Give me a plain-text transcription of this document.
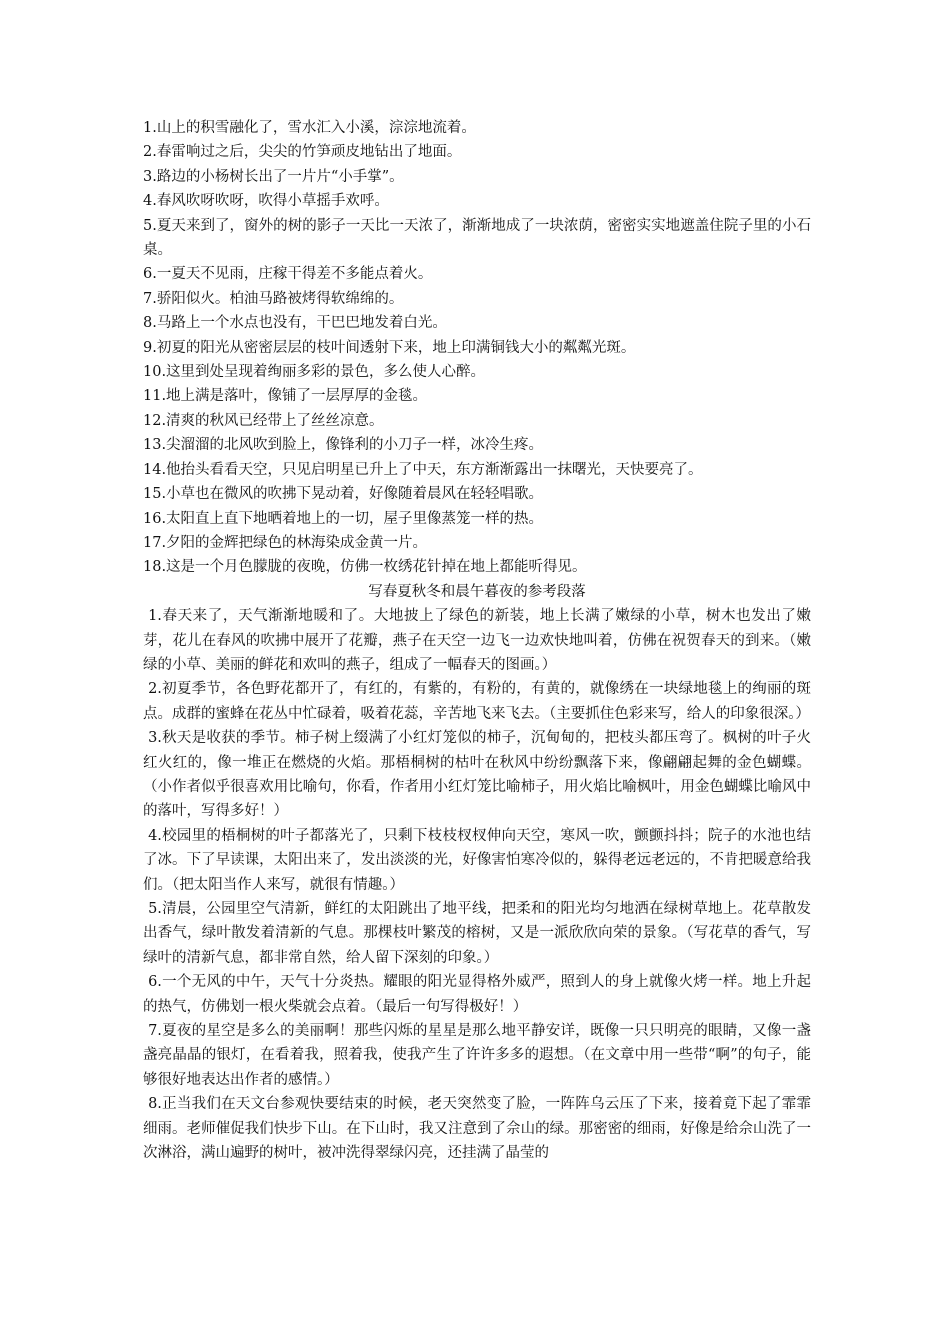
1.山上的积雪融化了，雪水汇入小溪，淙淙地流着。
2.春雷响过之后，尖尖的竹笋顽皮地钻出了地面。
3.路边的小杨树长出了一片片“小手掌”。
4.春风吹呀吹呀，吹得小草摇手欢呼。
5.夏天来到了，窗外的树的影子一天比一天浓了，渐渐地成了一块浓荫，密密实实地遮盖住院子里的小石桌。
6.一夏天不见雨，庄稼干得差不多能点着火。
7.骄阳似火。柏油马路被烤得软绵绵的。
8.马路上一个水点也没有，干巴巴地发着白光。
9.初夏的阳光从密密层层的枝叶间透射下来，地上印满铜钱大小的粼粼光斑。
10.这里到处呈现着绚丽多彩的景色，多么使人心醉。
11.地上满是落叶，像铺了一层厚厚的金毯。
12.清爽的秋风已经带上了丝丝凉意。
13.尖溜溜的北风吹到脸上，像锋利的小刀子一样，冰冷生疼。
14.他抬头看看天空，只见启明星已升上了中天，东方渐渐露出一抹曙光，天快要亮了。
15.小草也在微风的吹拂下晃动着，好像随着晨风在轻轻唱歌。
16.太阳直上直下地晒着地上的一切，屋子里像蒸笼一样的热。
17.夕阳的金辉把绿色的林海染成金黄一片。
18.这是一个月色朦胧的夜晚，仿佛一枚绣花针掉在地上都能听得见。
写春夏秋冬和晨午暮夜的参考段落

1.春天来了，天气渐渐地暖和了。大地披上了绿色的新装，地上长满了嫩绿的小草，树木也发出了嫩芽，花儿在春风的吹拂中展开了花瓣，燕子在天空一边飞一边欢快地叫着，仿佛在祝贺春天的到来。（嫩绿的小草、美丽的鲜花和欢叫的燕子，组成了一幅春天的图画。）

2.初夏季节，各色野花都开了，有红的，有紫的，有粉的，有黄的，就像绣在一块绿地毯上的绚丽的斑点。成群的蜜蜂在花丛中忙碌着，吸着花蕊，辛苦地飞来飞去。（主要抓住色彩来写，给人的印象很深。）

3.秋天是收获的季节。柿子树上缀满了小红灯笼似的柿子，沉甸甸的，把枝头都压弯了。枫树的叶子火红火红的，像一堆正在燃烧的火焰。那梧桐树的枯叶在秋风中纷纷飘落下来，像翩翩起舞的金色蝴蝶。（小作者似乎很喜欢用比喻句，你看，作者用小红灯笼比喻柿子，用火焰比喻枫叶，用金色蝴蝶比喻风中的落叶，写得多好！）

4.校园里的梧桐树的叶子都落光了，只剩下枝枝杈杈伸向天空，寒风一吹，颤颤抖抖；院子的水池也结了冰。下了早读课，太阳出来了，发出淡淡的光，好像害怕寒冷似的，躲得老远老远的，不肯把暖意给我们。（把太阳当作人来写，就很有情趣。）

5.清晨，公园里空气清新，鲜红的太阳跳出了地平线，把柔和的阳光均匀地洒在绿树草地上。花草散发出香气，绿叶散发着清新的气息。那棵枝叶繁茂的榕树，又是一派欣欣向荣的景象。（写花草的香气，写绿叶的清新气息，都非常自然，给人留下深刻的印象。）

6.一个无风的中午，天气十分炎热。耀眼的阳光显得格外威严，照到人的身上就像火烤一样。地上升起的热气，仿佛划一根火柴就会点着。（最后一句写得极好！）

7.夏夜的星空是多么的美丽啊！那些闪烁的星星是那么地平静安详，既像一只只明亮的眼睛，又像一盏盏亮晶晶的银灯，在看着我，照着我，使我产生了许许多多的遐想。（在文章中用一些带“啊”的句子，能够很好地表达出作者的感情。）

8.正当我们在天文台参观快要结束的时候，老天突然变了脸，一阵阵乌云压了下来，接着竟下起了霏霏细雨。老师催促我们快步下山。在下山时，我又注意到了佘山的绿。那密密的细雨，好像是给佘山洗了一次淋浴，满山遍野的树叶，被冲洗得翠绿闪亮，还挂满了晶莹的
